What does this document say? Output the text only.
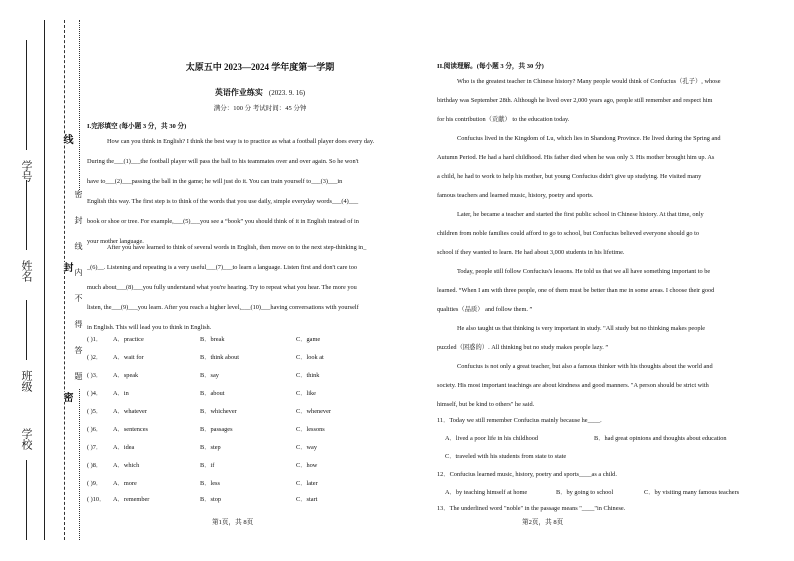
学号
姓名
班级
学校
线
封
密
密 封 线 内 不 得 答 题
太原五中 2023—2024 学年度第一学期
英语作业练实 (2023. 9. 16)
满分：100 分 考试时间：45 分钟
I.完形填空 (每小题 3 分，共 30 分)
How can you think in English? I think the best way is to practice as what a football player does every day.
During the___(1)___the football player will pass the ball to his teammates over and over again. So he won't
have to___(2)___passing the ball in the game; he will just do it. You can train yourself to___(3)___in
English this way. The first step is to think of the words that you use daily, simple everyday words___(4)___
book or shoe or tree. For example,___(5)___you see a “book” you should think of it in English instead of in
your mother language.
After you have learned to think of several words in English, then move on to the next step-thinking in_
_(6)__. Listening and repeating is a very useful___(7)___to learn a language. Listen first and don't care too
much about___(8)___you fully understand what you're hearing. Try to repeat what you hear. The more you
listen, the___(9)___you learn. After you reach a higher level,___(10)___having conversations with yourself
in English. This will lead you to think in English.
( )1． A．practice	B．break	C．game
( )2． A．wait for	B．think about	C．look at
( )3． A．speak	B．say	C．think
( )4． A．in	B．about	C．like
( )5． A．whatever	B．whichever	C．whenever
( )6． A．sentences	B．passages	C．lessons
( )7． A．idea	B．step	C．way
( )8． A．which	B．if	C．how
( )9． A．more	B．less	C．later
( )10． A．remember	B．stop	C．start
第1页，共 8页
II.阅读理解。(每小题 3 分，共 30 分)
Who is the greatest teacher in Chinese history? Many people would think of Confucius（孔子）, whose
birthday was September 28th. Although he lived over 2,000 years ago, people still remember and respect him
for his contribution（贡献） to the education today.
Confucius lived in the Kingdom of Lu, which lies in Shandong Province. He lived during the Spring and
Autumn Period. He had a hard childhood. His father died when he was only 3. His mother brought him up. As
a child, he had to work to help his mother, but young Confucius didn't give up studying. He visited many
famous teachers and learned music, history, poetry and sports.
Later, he became a teacher and started the first public school in Chinese history. At that time, only
children from noble families could afford to go to school, but Confucius believed everyone should go to
school if they wanted to learn. He had about 3,000 students in his lifetime.
Today, people still follow Confucius's lessons. He told us that we all have something important to be
learned. “When I am with three people, one of them must be better than me in some areas. I choose their good
qualities（品质） and follow them. ”
He also taught us that thinking is very important in study. "All study but no thinking makes people
puzzled（困惑的）. All thinking but no study makes people lazy. ”
Confucius is not only a great teacher, but also a famous thinker with his thoughts about the world and
society. His most important teachings are about kindness and good manners. "A person should be strict with
himself, but be kind to others" he said.
11．Today we still remember Confucius mainly because he____.
A．lived a poor life in his childhood	B．had great opinions and thoughts about education
C．traveled with his students from state to state
12．Confucius learned music, history, poetry and sports____as a child.
A．by teaching himself at home	B．by going to school	C．by visiting many famous teachers
13．The underlined word "noble" in the passage means "____"in Chinese.
第2页，共 8页
